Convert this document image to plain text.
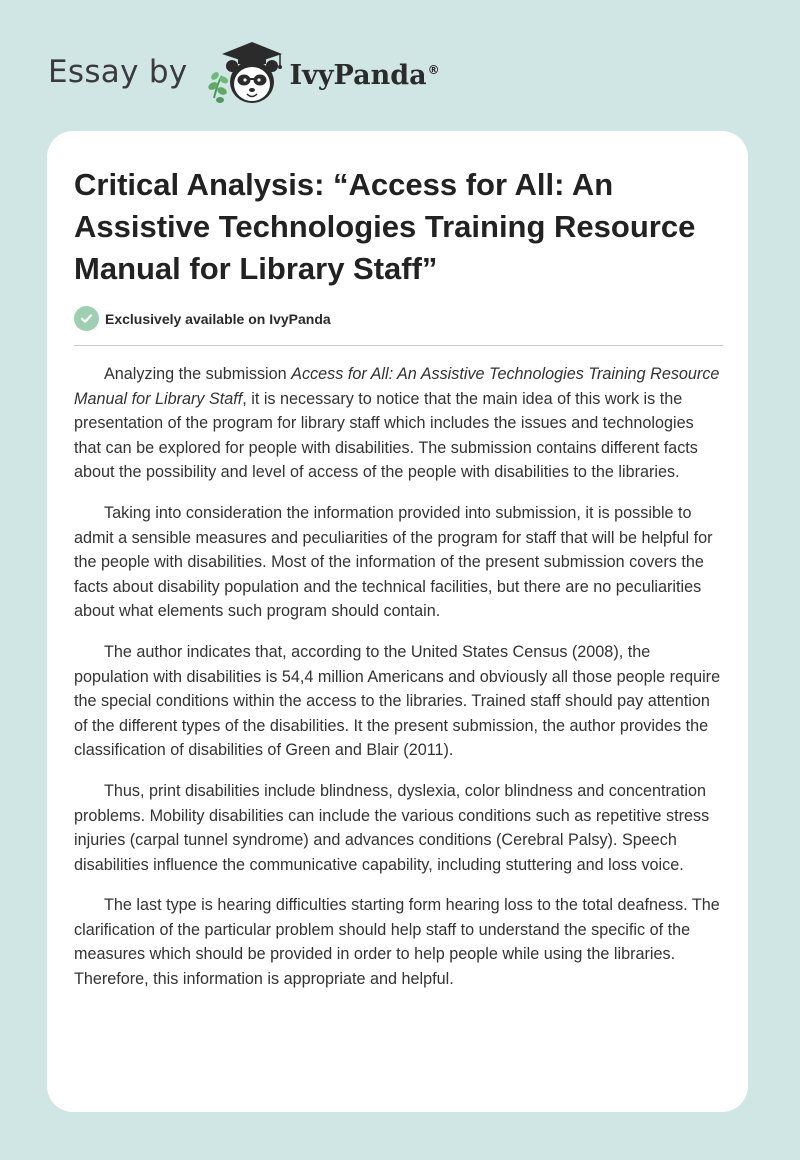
Essay by	IvyPanda®
Critical Analysis: “Access for All: An Assistive Technologies Training Resource Manual for Library Staff”
Exclusively available on IvyPanda

Analyzing the submission Access for All: An Assistive Technologies Training Resource Manual for Library Staff, it is necessary to notice that the main idea of this work is the presentation of the program for library staff which includes the issues and technologies that can be explored for people with disabilities. The submission contains different facts about the possibility and level of access of the people with disabilities to the libraries.

Taking into consideration the information provided into submission, it is possible to admit a sensible measures and peculiarities of the program for staff that will be helpful for the people with disabilities. Most of the information of the present submission covers the facts about disability population and the technical facilities, but there are no peculiarities about what elements such program should contain.

The author indicates that, according to the United States Census (2008), the population with disabilities is 54,4 million Americans and obviously all those people require the special conditions within the access to the libraries. Trained staff should pay attention of the different types of the disabilities. It the present submission, the author provides the classification of disabilities of Green and Blair (2011).

Thus, print disabilities include blindness, dyslexia, color blindness and concentration problems. Mobility disabilities can include the various conditions such as repetitive stress injuries (carpal tunnel syndrome) and advances conditions (Cerebral Palsy). Speech disabilities influence the communicative capability, including stuttering and loss voice.

The last type is hearing difficulties starting form hearing loss to the total deafness. The clarification of the particular problem should help staff to understand the specific of the measures which should be provided in order to help people while using the libraries. Therefore, this information is appropriate and helpful.
